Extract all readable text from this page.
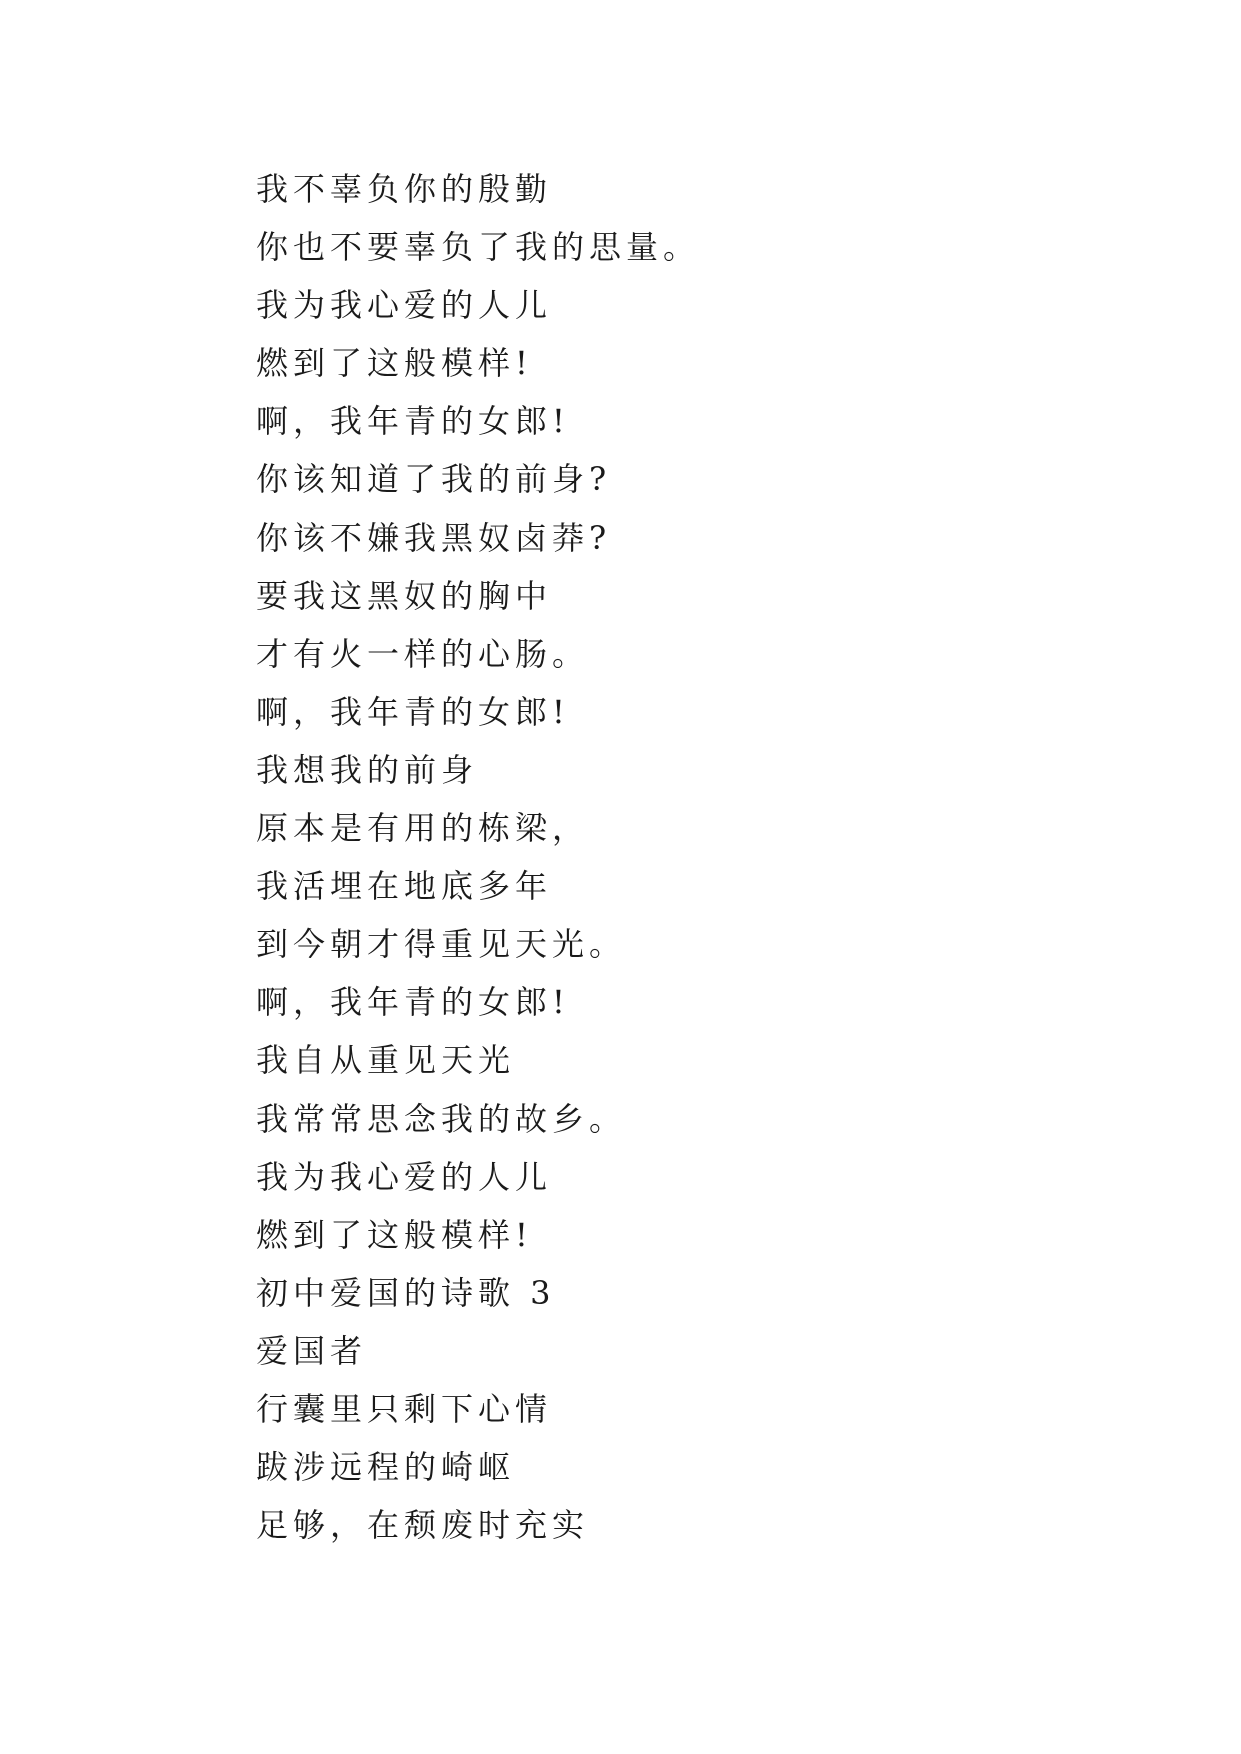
我不辜负你的殷勤
你也不要辜负了我的思量。
我为我心爱的人儿
燃到了这般模样!
啊，我年青的女郎!
你该知道了我的前身?
你该不嫌我黑奴卤莽?
要我这黑奴的胸中
才有火一样的心肠。
啊，我年青的女郎!
我想我的前身
原本是有用的栋梁，
我活埋在地底多年
到今朝才得重见天光。
啊，我年青的女郎!
我自从重见天光
我常常思念我的故乡。
我为我心爱的人儿
燃到了这般模样!
初中爱国的诗歌 3
爱国者
行囊里只剩下心情
跋涉远程的崎岖
足够，在颓废时充实
